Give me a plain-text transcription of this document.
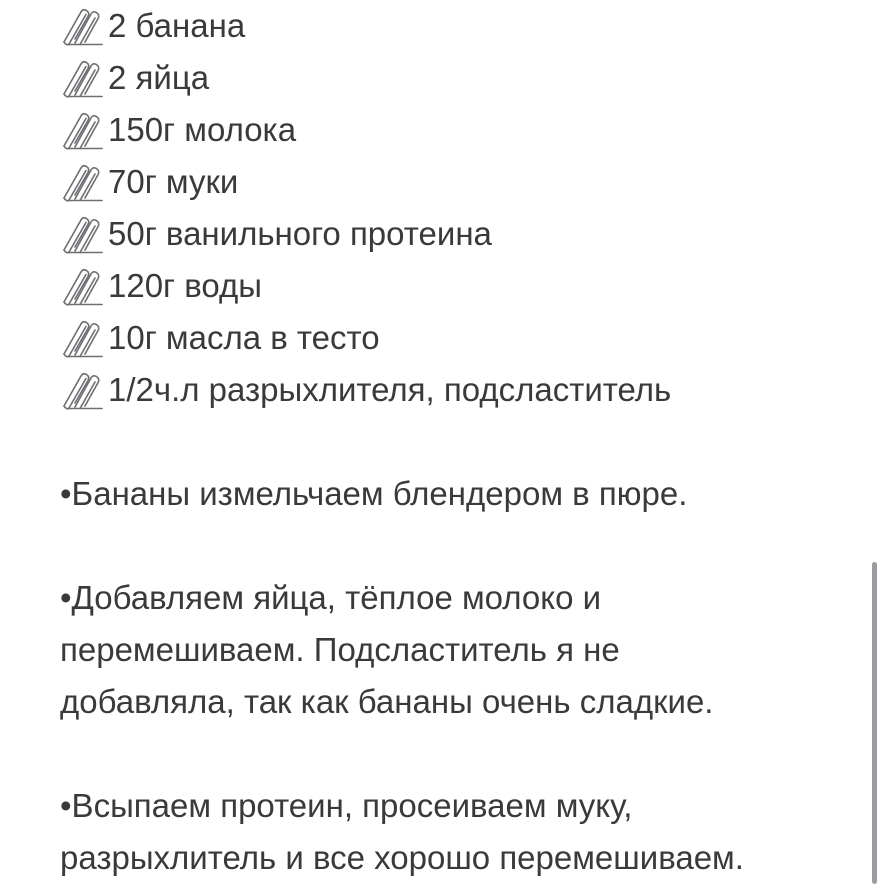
2 банана
2 яйца
150г молока
70г муки
50г ванильного протеина
120г воды
10г масла в тесто
1/2ч.л разрыхлителя, подсластитель

•Бананы измельчаем блендером в пюре.

•Добавляем яйца, тёплое молоко и
перемешиваем. Подсластитель я не
добавляла, так как бананы очень сладкие.

•Всыпаем протеин, просеиваем муку,
разрыхлитель и все хорошо перемешиваем.
